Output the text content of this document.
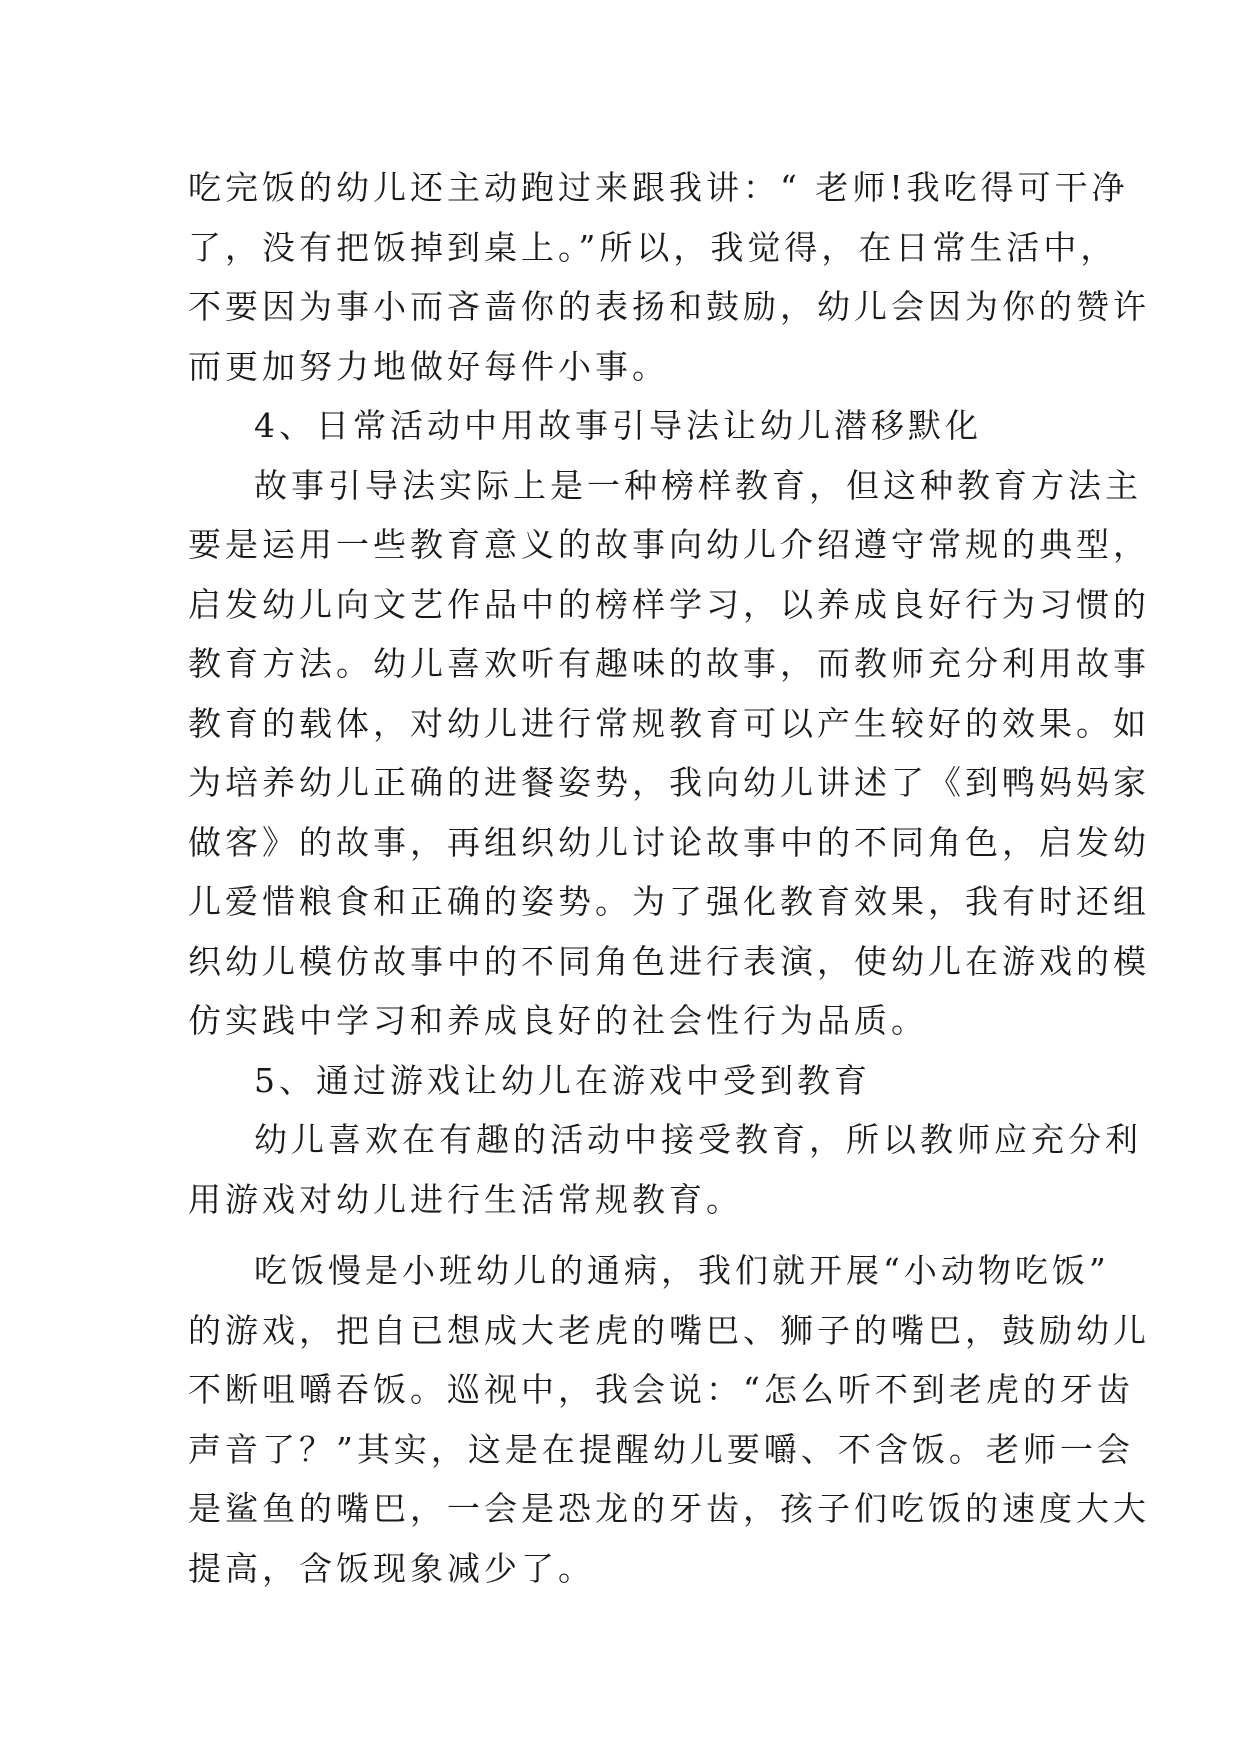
吃完饭的幼儿还主动跑过来跟我讲：“ 老师!我吃得可干净
了，没有把饭掉到桌上。”所以，我觉得，在日常生活中，
不要因为事小而吝啬你的表扬和鼓励，幼儿会因为你的赞许
而更加努力地做好每件小事。
4、日常活动中用故事引导法让幼儿潜移默化
故事引导法实际上是一种榜样教育，但这种教育方法主
要是运用一些教育意义的故事向幼儿介绍遵守常规的典型，
启发幼儿向文艺作品中的榜样学习，以养成良好行为习惯的
教育方法。幼儿喜欢听有趣味的故事，而教师充分利用故事
教育的载体，对幼儿进行常规教育可以产生较好的效果。如
为培养幼儿正确的进餐姿势，我向幼儿讲述了《到鸭妈妈家
做客》的故事，再组织幼儿讨论故事中的不同角色，启发幼
儿爱惜粮食和正确的姿势。为了强化教育效果，我有时还组
织幼儿模仿故事中的不同角色进行表演，使幼儿在游戏的模
仿实践中学习和养成良好的社会性行为品质。
5、通过游戏让幼儿在游戏中受到教育
幼儿喜欢在有趣的活动中接受教育，所以教师应充分利
用游戏对幼儿进行生活常规教育。
吃饭慢是小班幼儿的通病，我们就开展“小动物吃饭”
的游戏，把自已想成大老虎的嘴巴、狮子的嘴巴，鼓励幼儿
不断咀嚼吞饭。巡视中，我会说：“怎么听不到老虎的牙齿
声音了？”其实，这是在提醒幼儿要嚼、不含饭。老师一会
是鲨鱼的嘴巴，一会是恐龙的牙齿，孩子们吃饭的速度大大
提高，含饭现象减少了。
